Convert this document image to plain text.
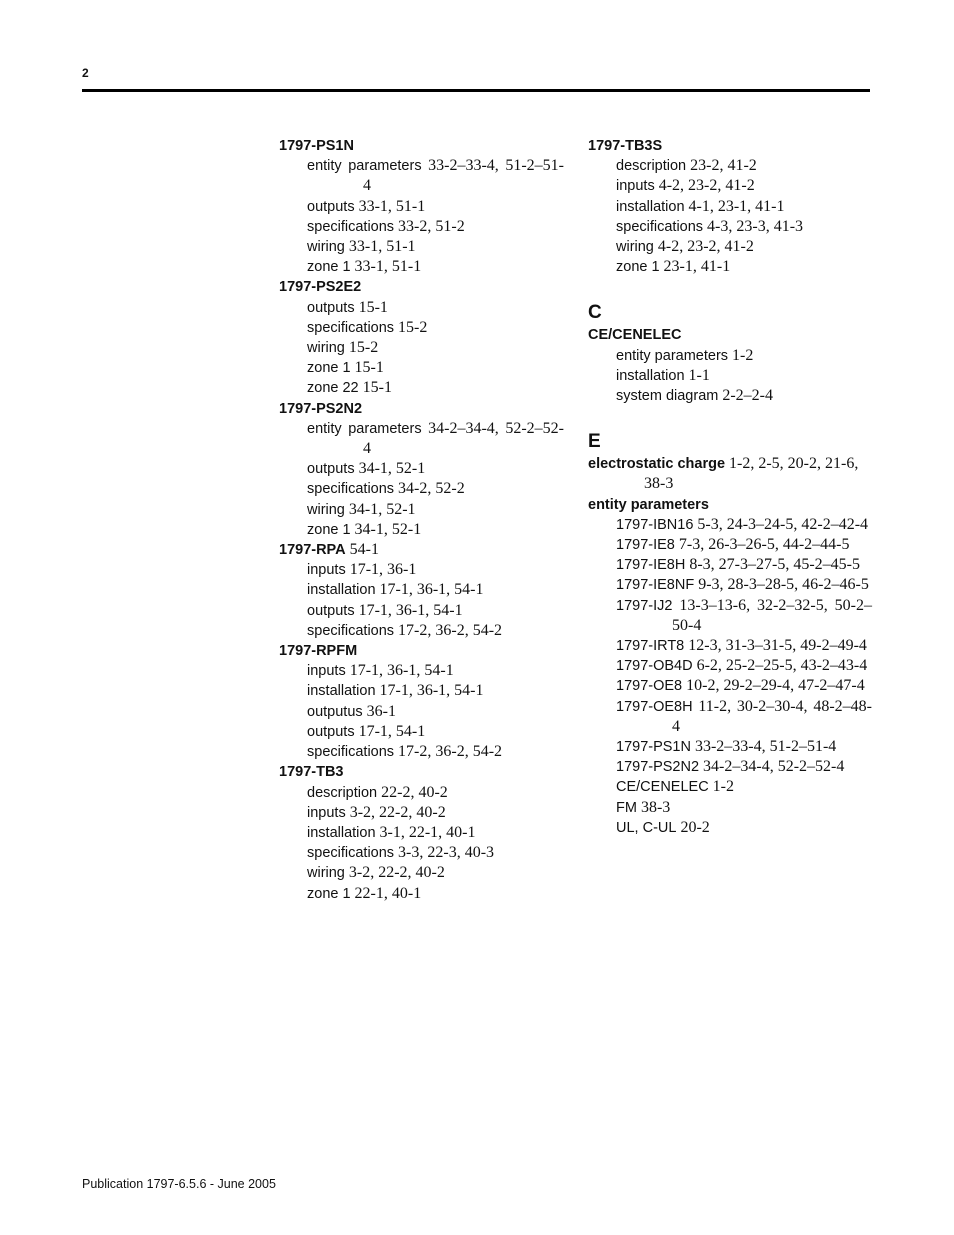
2
1797-PS1N
entity parameters 33-2–33-4, 51-2–51-4
outputs 33-1, 51-1
specifications 33-2, 51-2
wiring 33-1, 51-1
zone 1 33-1, 51-1
1797-PS2E2
outputs 15-1
specifications 15-2
wiring 15-2
zone 1 15-1
zone 22 15-1
1797-PS2N2
entity parameters 34-2–34-4, 52-2–52-4
outputs 34-1, 52-1
specifications 34-2, 52-2
wiring 34-1, 52-1
zone 1 34-1, 52-1
1797-RPA 54-1
inputs 17-1, 36-1
installation 17-1, 36-1, 54-1
outputs 17-1, 36-1, 54-1
specifications 17-2, 36-2, 54-2
1797-RPFM
inputs 17-1, 36-1, 54-1
installation 17-1, 36-1, 54-1
outputus 36-1
outputs 17-1, 54-1
specifications 17-2, 36-2, 54-2
1797-TB3
description 22-2, 40-2
inputs 3-2, 22-2, 40-2
installation 3-1, 22-1, 40-1
specifications 3-3, 22-3, 40-3
wiring 3-2, 22-2, 40-2
zone 1 22-1, 40-1
1797-TB3S
description 23-2, 41-2
inputs 4-2, 23-2, 41-2
installation 4-1, 23-1, 41-1
specifications 4-3, 23-3, 41-3
wiring 4-2, 23-2, 41-2
zone 1 23-1, 41-1
C
CE/CENELEC
entity parameters 1-2
installation 1-1
system diagram 2-2–2-4
E
electrostatic charge 1-2, 2-5, 20-2, 21-6, 38-3
entity parameters
1797-IBN16 5-3, 24-3–24-5, 42-2–42-4
1797-IE8 7-3, 26-3–26-5, 44-2–44-5
1797-IE8H 8-3, 27-3–27-5, 45-2–45-5
1797-IE8NF 9-3, 28-3–28-5, 46-2–46-5
1797-IJ2 13-3–13-6, 32-2–32-5, 50-2–50-4
1797-IRT8 12-3, 31-3–31-5, 49-2–49-4
1797-OB4D 6-2, 25-2–25-5, 43-2–43-4
1797-OE8 10-2, 29-2–29-4, 47-2–47-4
1797-OE8H 11-2, 30-2–30-4, 48-2–48-4
1797-PS1N 33-2–33-4, 51-2–51-4
1797-PS2N2 34-2–34-4, 52-2–52-4
CE/CENELEC 1-2
FM 38-3
UL, C-UL 20-2
Publication 1797-6.5.6 - June 2005
